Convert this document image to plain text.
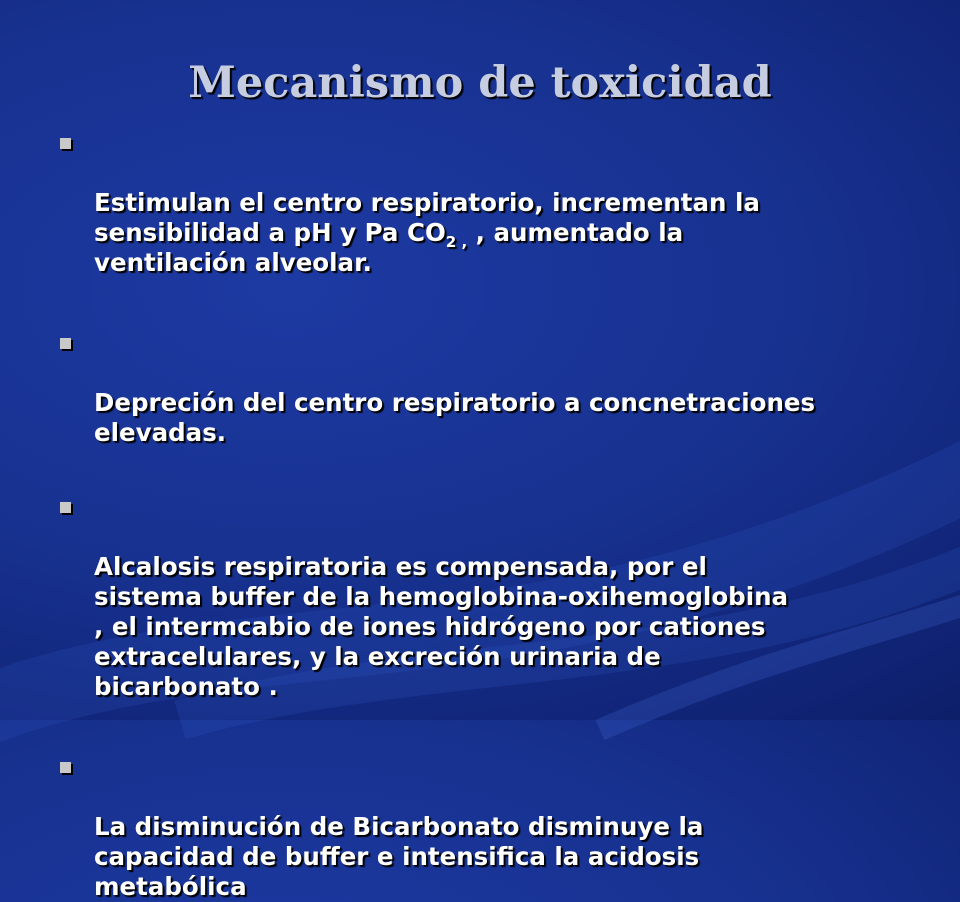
Mecanismo de toxicidad

Estimulan el centro respiratorio, incrementan la
sensibilidad a pH y Pa $CO_{2 ,}$ , aumentado la
ventilación alveolar.

Depreción del centro respiratorio a concnetraciones
elevadas.

Alcalosis respiratoria es compensada, por el
sistema buffer de la hemoglobina-oxihemoglobina
, el intermcabio de iones hidrógeno por cationes
extracelulares, y la excreción urinaria de
bicarbonato .

La disminución de Bicarbonato disminuye la
capacidad de buffer e intensifica la acidosis
metabólica
